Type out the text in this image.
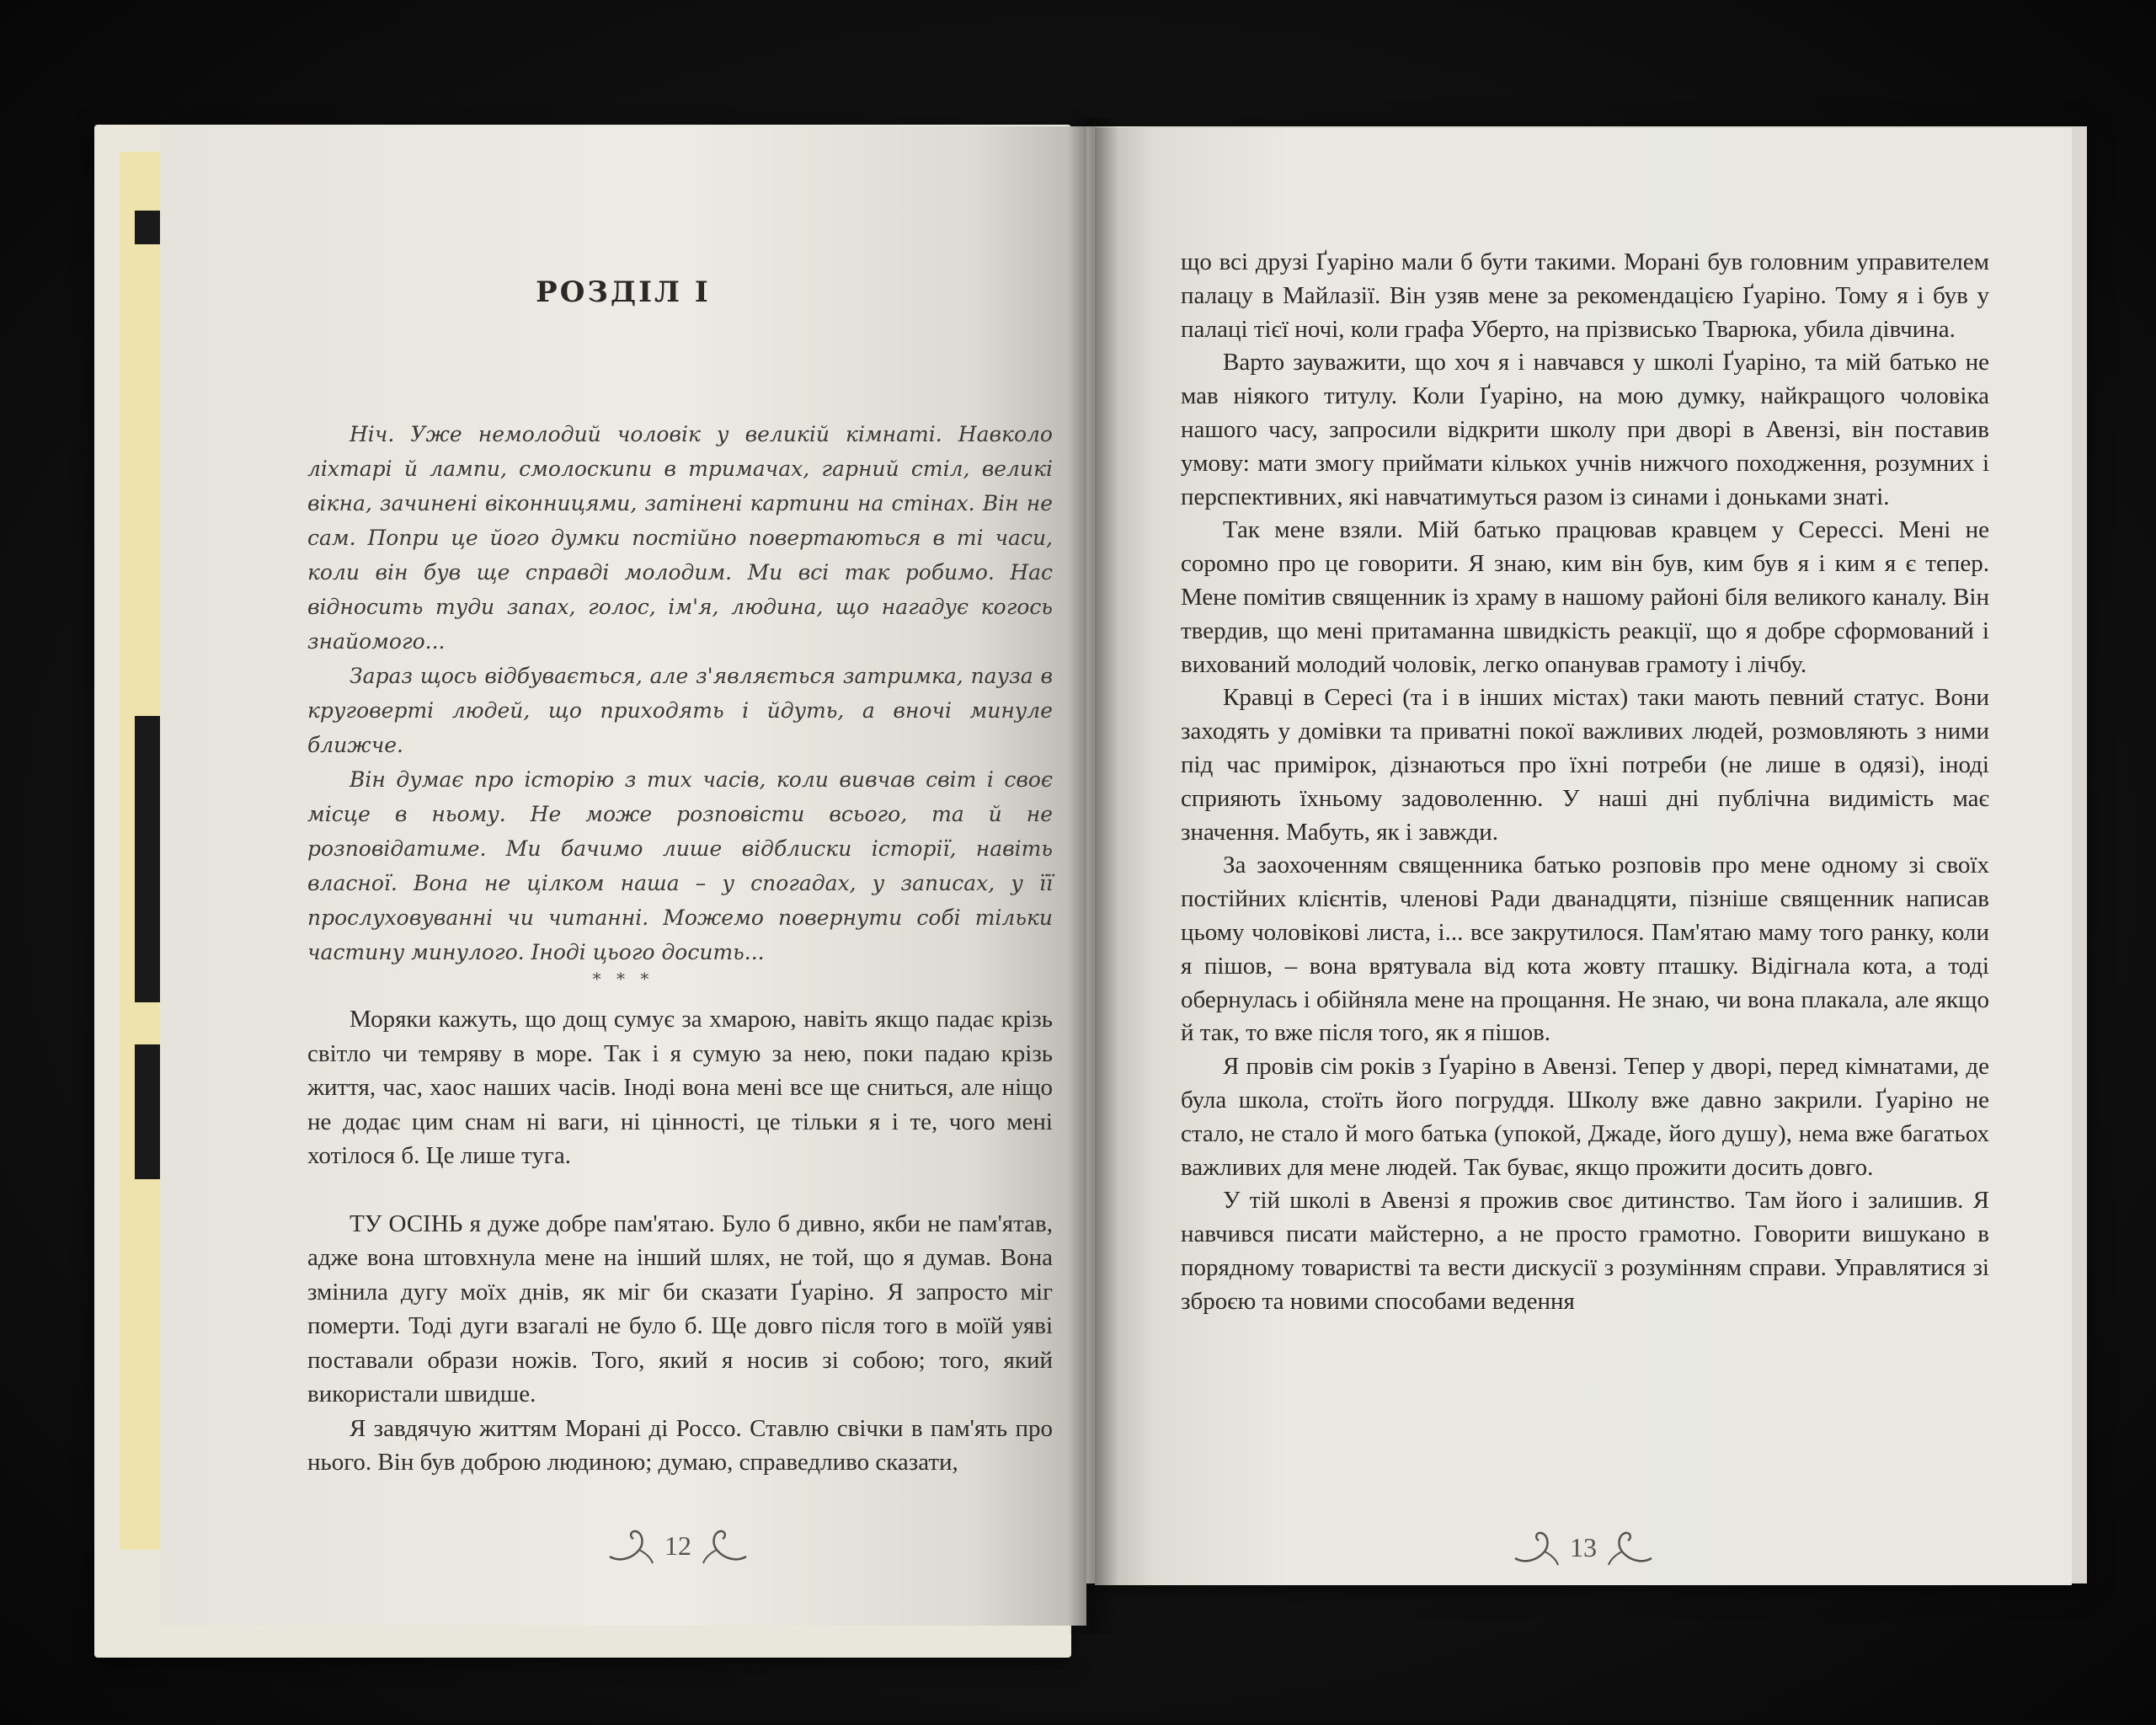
РОЗДІЛ І

Ніч. Уже немолодий чоловік у великій кімнаті. Навколо ліхтарі й лампи, смолоскипи в тримачах, гарний стіл, великі вікна, зачинені віконницями, затінені картини на стінах. Він не сам. Попри це його думки постійно повертаються в ті часи, коли він був ще справді молодим. Ми всі так робимо. Нас відносить туди запах, голос, ім'я, людина, що нагадує когось знайомого...

Зараз щось відбувається, але з'являється затримка, пауза в круговерті людей, що приходять і йдуть, а вночі минуле ближче.

Він думає про історію з тих часів, коли вивчав світ і своє місце в ньому. Не може розповісти всього, та й не розповідатиме. Ми бачимо лише відблиски історії, навіть власної. Вона не цілком наша – у спогадах, у записах, у її прослуховуванні чи читанні. Можемо повернути собі тільки частину минулого. Іноді цього досить...

* * *

Моряки кажуть, що дощ сумує за хмарою, навіть якщо падає крізь світло чи темряву в море. Так і я сумую за нею, поки падаю крізь життя, час, хаос наших часів. Іноді вона мені все ще сниться, але ніщо не додає цим снам ні ваги, ні цінності, це тільки я і те, чого мені хотілося б. Це лише туга.

ТУ ОСІНЬ я дуже добре пам'ятаю. Було б дивно, якби не пам'ятав, адже вона штовхнула мене на інший шлях, не той, що я думав. Вона змінила дугу моїх днів, як міг би сказати Ґуаріно. Я запросто міг померти. Тоді дуги взагалі не було б. Ще довго після того в моїй уяві поставали образи ножів. Того, який я носив зі собою; того, який використали швидше.

Я завдячую життям Морані ді Россо. Ставлю свічки в пам'ять про нього. Він був доброю людиною; думаю, справедливо сказати,

12

що всі друзі Ґуаріно мали б бути такими. Морані був головним управителем палацу в Майлазії. Він узяв мене за рекомендацією Ґуаріно. Тому я і був у палаці тієї ночі, коли графа Уберто, на прізвисько Тварюка, убила дівчина.

Варто зауважити, що хоч я і навчався у школі Ґуаріно, та мій батько не мав ніякого титулу. Коли Ґуаріно, на мою думку, найкращого чоловіка нашого часу, запросили відкрити школу при дворі в Авензі, він поставив умову: мати змогу приймати кількох учнів нижчого походження, розумних і перспективних, які навчатимуться разом із синами і доньками знаті.

Так мене взяли. Мій батько працював кравцем у Серессі. Мені не соромно про це говорити. Я знаю, ким він був, ким був я і ким я є тепер. Мене помітив священник із храму в нашому районі біля великого каналу. Він твердив, що мені притаманна швидкість реакції, що я добре сформований і вихований молодий чоловік, легко опанував грамоту і лічбу.

Кравці в Сересі (та і в інших містах) таки мають певний статус. Вони заходять у домівки та приватні покої важливих людей, розмовляють з ними під час примірок, дізнаються про їхні потреби (не лише в одязі), іноді сприяють їхньому задоволенню. У наші дні публічна видимість має значення. Мабуть, як і завжди.

За заохоченням священника батько розповів про мене одному зі своїх постійних клієнтів, членові Ради дванадцяти, пізніше священник написав цьому чоловікові листа, і... все закрутилося. Пам'ятаю маму того ранку, коли я пішов, – вона врятувала від кота жовту пташку. Відігнала кота, а тоді обернулась і обійняла мене на прощання. Не знаю, чи вона плакала, але якщо й так, то вже після того, як я пішов.

Я провів сім років з Ґуаріно в Авензі. Тепер у дворі, перед кімнатами, де була школа, стоїть його погруддя. Школу вже давно закрили. Ґуаріно не стало, не стало й мого батька (упокой, Джаде, його душу), нема вже багатьох важливих для мене людей. Так буває, якщо прожити досить довго.

У тій школі в Авензі я прожив своє дитинство. Там його і залишив. Я навчився писати майстерно, а не просто грамотно. Говорити вишукано в порядному товаристві та вести дискусії з розумінням справи. Управлятися зі зброєю та новими способами ведення

13
